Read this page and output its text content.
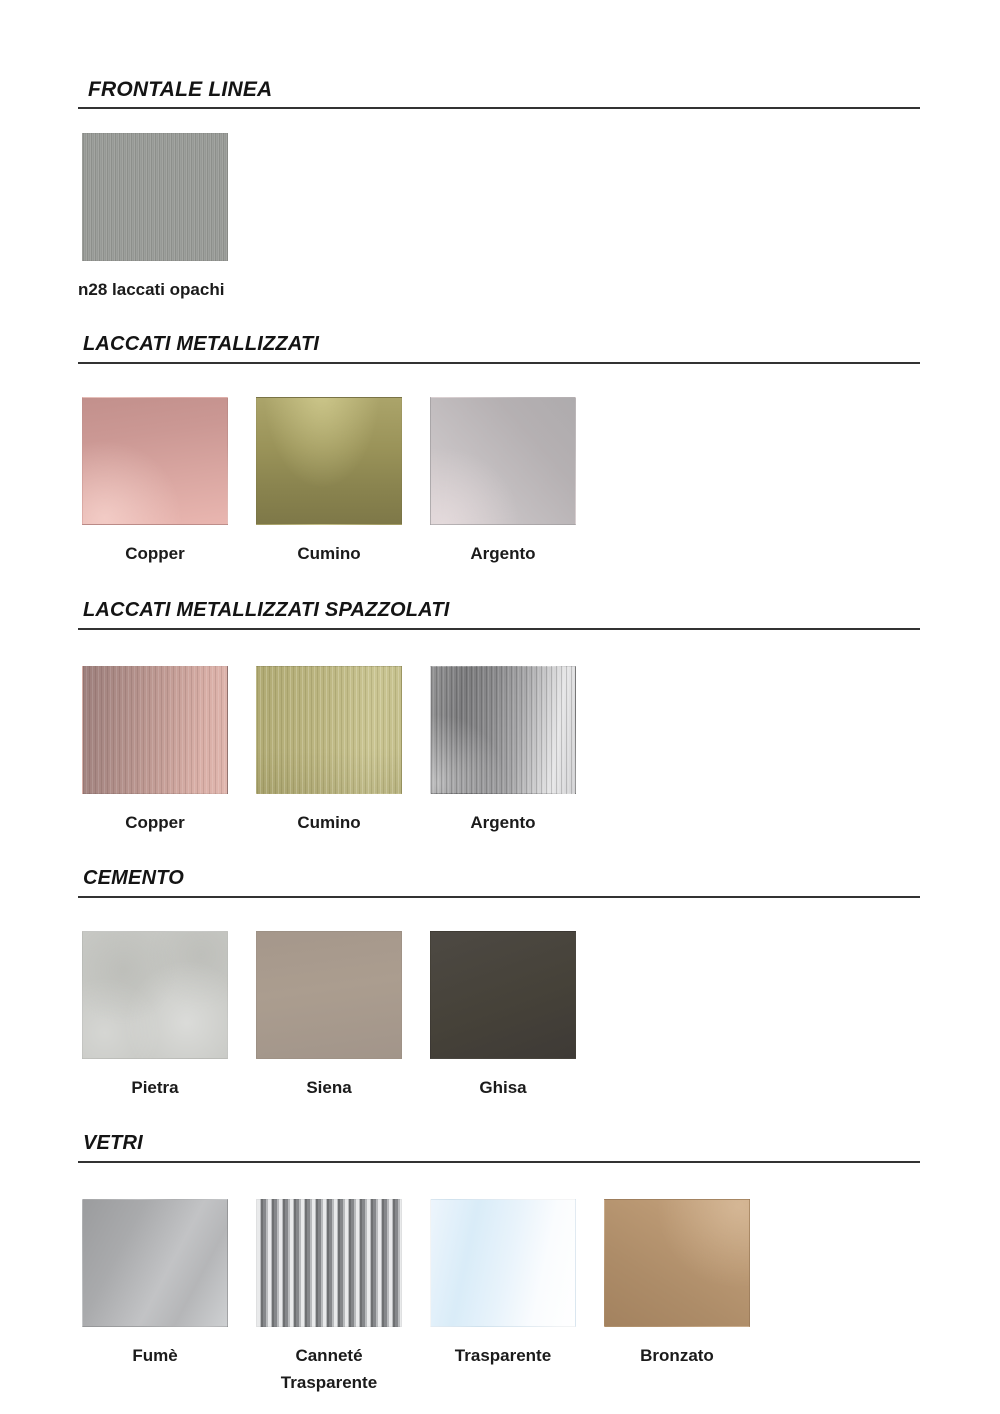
FRONTALE LINEA
n28 laccati opachi
LACCATI METALLIZZATI
Copper	Cumino	Argento
LACCATI METALLIZZATI SPAZZOLATI
Copper	Cumino	Argento
CEMENTO
Pietra	Siena	Ghisa
VETRI
Fumè	Canneté Trasparente
Trasparente	Bronzato
